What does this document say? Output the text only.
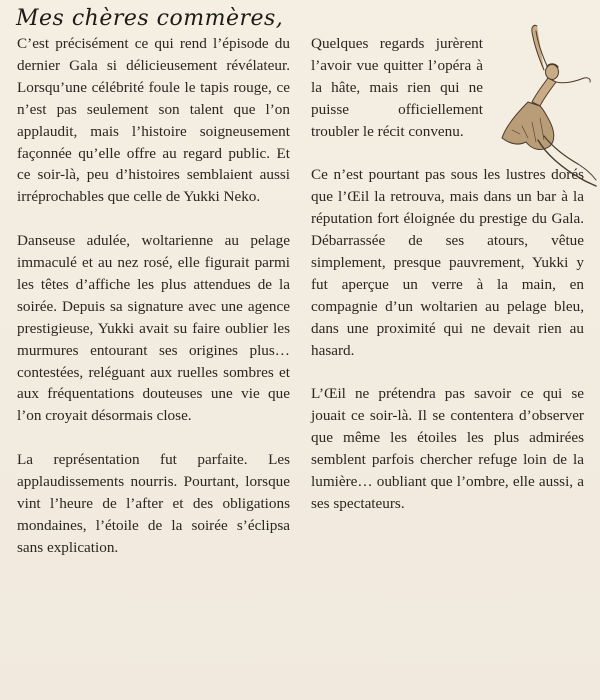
Mes chères commères,

C’est précisément ce qui rend l’épisode du dernier Gala si délicieusement révélateur. Lorsqu’une célébrité foule le tapis rouge, ce n’est pas seulement son talent que l’on applaudit, mais l’histoire soigneusement façonnée qu’elle offre au regard public. Et ce soir-là, peu d’histoires semblaient aussi irréprochables que celle de Yukki Neko.

Danseuse adulée, woltarienne au pelage immaculé et au nez rosé, elle figurait parmi les têtes d’affiche les plus attendues de la soirée. Depuis sa signature avec une agence prestigieuse, Yukki avait su faire oublier les murmures entourant ses origines plus… contestées, reléguant aux ruelles sombres et aux fréquentations douteuses une vie que l’on croyait désormais close.

La représentation fut parfaite. Les applaudissements nourris. Pourtant, lorsque vint l’heure de l’after et des obligations mondaines, l’étoile de la soirée s’éclipsa sans explication.

Quelques regards jurèrent l’avoir vue quitter l’opéra à la hâte, mais rien qui ne puisse officiellement troubler le récit convenu.

Ce n’est pourtant pas sous les lustres dorés que l’Œil la retrouva, mais dans un bar à la réputation fort éloignée du prestige du Gala. Débarrassée de ses atours, vêtue simplement, presque pauvrement, Yukki y fut aperçue un verre à la main, en compagnie d’un woltarien au pelage bleu, dans une proximité qui ne devait rien au hasard.

L’Œil ne prétendra pas savoir ce qui se jouait ce soir-là. Il se contentera d’observer que même les étoiles les plus admirées semblent parfois chercher refuge loin de la lumière… oubliant que l’ombre, elle aussi, a ses spectateurs.
